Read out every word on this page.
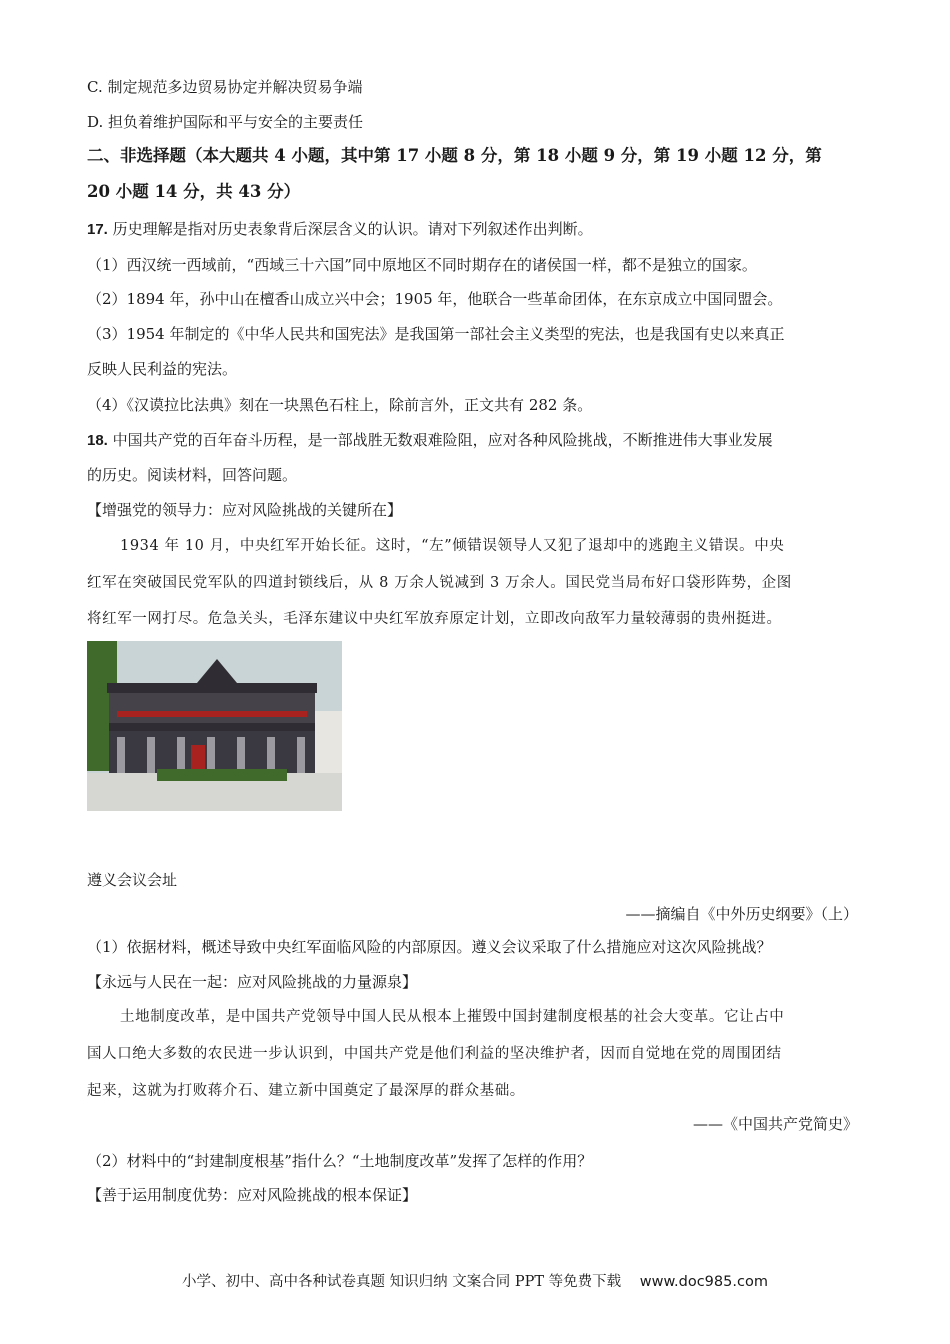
C. 制定规范多边贸易协定并解决贸易争端
D. 担负着维护国际和平与安全的主要责任
二、非选择题（本大题共 4 小题，其中第 17 小题 8 分，第 18 小题 9 分，第 19 小题 12 分，第
20 小题 14 分，共 43 分）
17. 历史理解是指对历史表象背后深层含义的认识。请对下列叙述作出判断。
（1）西汉统一西域前，“西域三十六国”同中原地区不同时期存在的诸侯国一样，都不是独立的国家。
（2）1894 年，孙中山在檀香山成立兴中会；1905 年，他联合一些革命团体，在东京成立中国同盟会。
（3）1954 年制定的《中华人民共和国宪法》是我国第一部社会主义类型的宪法，也是我国有史以来真正
反映人民利益的宪法。
（4）《汉谟拉比法典》刻在一块黑色石柱上，除前言外，正文共有 282 条。
18. 中国共产党的百年奋斗历程，是一部战胜无数艰难险阻，应对各种风险挑战，不断推进伟大事业发展
的历史。阅读材料，回答问题。
【增强党的领导力：应对风险挑战的关键所在】
1934 年 10 月，中央红军开始长征。这时，“左”倾错误领导人又犯了退却中的逃跑主义错误。中央
红军在突破国民党军队的四道封锁线后，从 8 万余人锐减到 3 万余人。国民党当局布好口袋形阵势，企图
将红军一网打尽。危急关头，毛泽东建议中央红军放弃原定计划，立即改向敌军力量较薄弱的贵州挺进。
遵义会议会址
——摘编自《中外历史纲要》（上）
（1）依据材料，概述导致中央红军面临风险的内部原因。遵义会议采取了什么措施应对这次风险挑战？
【永远与人民在一起：应对风险挑战的力量源泉】
土地制度改革，是中国共产党领导中国人民从根本上摧毁中国封建制度根基的社会大变革。它让占中
国人口绝大多数的农民进一步认识到，中国共产党是他们利益的坚决维护者，因而自觉地在党的周围团结
起来，这就为打败蒋介石、建立新中国奠定了最深厚的群众基础。
——《中国共产党简史》
（2）材料中的“封建制度根基”指什么？“土地制度改革”发挥了怎样的作用？
【善于运用制度优势：应对风险挑战的根本保证】
小学、初中、高中各种试卷真题 知识归纳 文案合同 PPT 等免费下载 www.doc985.com
